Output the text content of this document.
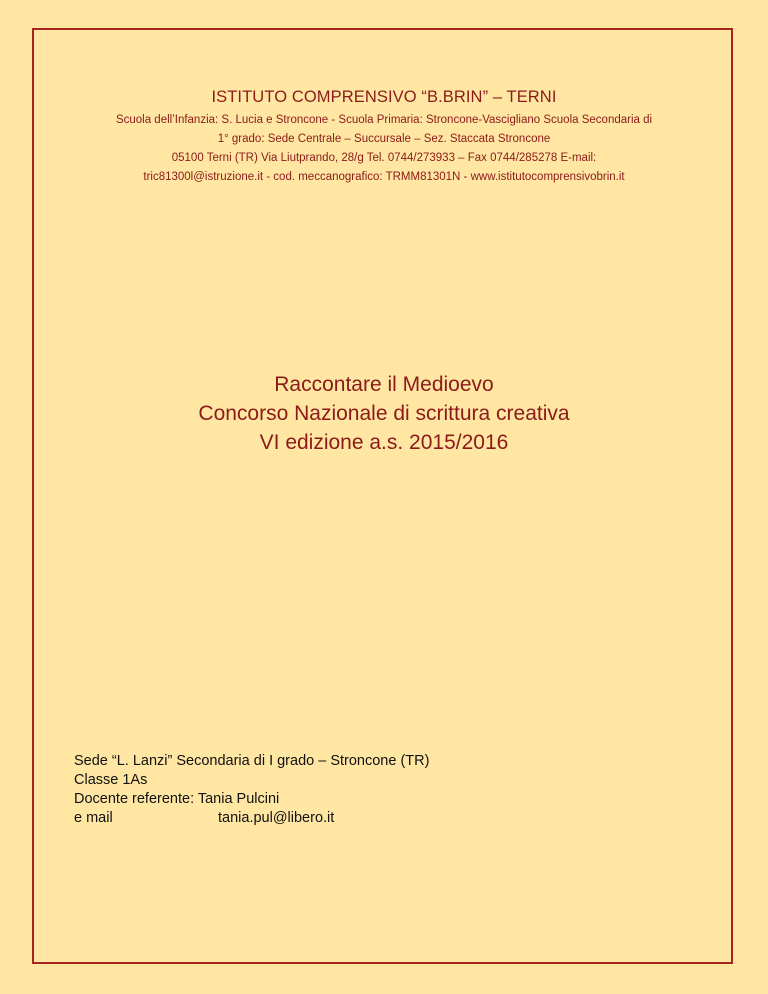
ISTITUTO COMPRENSIVO “B.BRIN” – TERNI
Scuola dell’Infanzia: S. Lucia e Stroncone - Scuola Primaria: Stroncone-Vascigliano Scuola Secondaria di
1° grado: Sede Centrale – Succursale – Sez. Staccata Stroncone
05100 Terni (TR) Via Liutprando, 28/g Tel. 0744/273933 – Fax 0744/285278 E-mail:
tric81300l@istruzione.it - cod. meccanografico: TRMM81301N - www.istitutocomprensivobrin.it
Raccontare il Medioevo
Concorso Nazionale di scrittura creativa
VI edizione a.s. 2015/2016
Sede “L. Lanzi” Secondaria di I grado – Stroncone (TR)
Classe 1As
Docente referente: Tania Pulcini
e mail	tania.pul@libero.it
